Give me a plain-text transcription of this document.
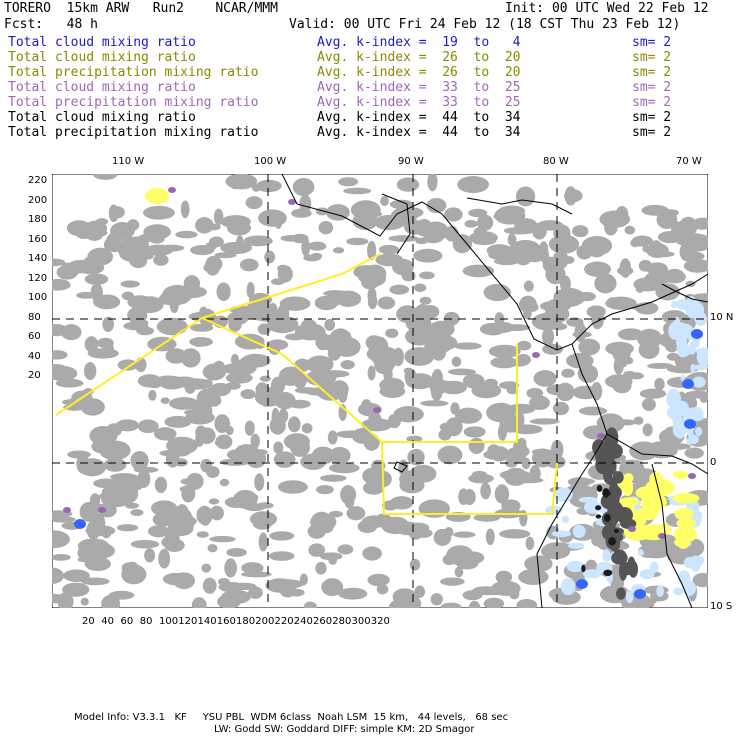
TORERO  15km ARW   Run2    NCAR/MMM	Init: 00 UTC Wed 22 Feb 12
Fcst:   48 h	Valid: 00 UTC Fri 24 Feb 12 (18 CST Thu 23 Feb 12)
Total cloud mixing ratio	Avg. k-index =  19  to   4	sm= 2
Total cloud mixing ratio	Avg. k-index =  26  to  20	sm= 2
Total precipitation mixing ratio	Avg. k-index =  26  to  20	sm= 2
Total cloud mixing ratio	Avg. k-index =  33  to  25	sm= 2
Total precipitation mixing ratio	Avg. k-index =  33  to  25	sm= 2
Total cloud mixing ratio	Avg. k-index =  44  to  34	sm= 2
Total precipitation mixing ratio	Avg. k-index =  44  to  34	sm= 2
110 W	100 W	90 W	80 W	70 W
10 N
0
10 S
220
200
180
160
140
120
100
80
60
40
20
20 40 60 80 100 120 140 160 180 200 220 240 260 280 300 320
Model Info: V3.3.1   KF     YSU PBL  WDM 6class  Noah LSM  15 km,   44 levels,   68 sec
LW: Godd SW: Goddard DIFF: simple KM: 2D Smagor
